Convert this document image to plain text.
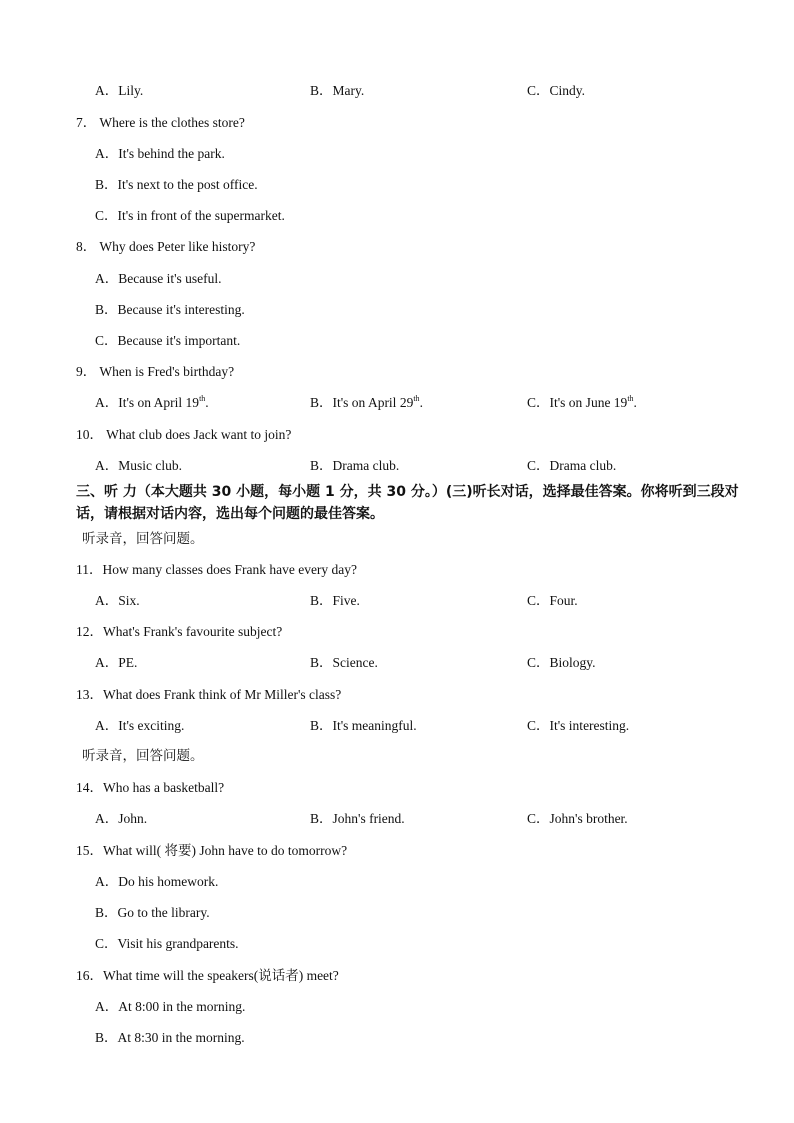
A．Lily.	B．Mary.	C．Cindy.
7． Where is the clothes store?
A．It's behind the park.
B．It's next to the post office.
C．It's in front of the supermarket.
8． Why does Peter like history?
A．Because it's useful.
B．Because it's interesting.
C．Because it's important.
9． When is Fred's birthday?
A．It's on April 19th.	B．It's on April 29th.	C．It's on June 19th.
10． What club does Jack want to join?
A．Music club.	B．Drama club.	C．Drama club.
三、听 力（本大题共 30 小题，每小题 1 分，共 30 分。）(三)听长对话，选择最佳答案。你将听到三段对话，请根据对话内容，选出每个问题的最佳答案。
听录音，回答问题。
11．How many classes does Frank have every day?
A．Six.	B．Five.	C．Four.
12．What's Frank's favourite subject?
A．PE.	B．Science.	C．Biology.
13．What does Frank think of Mr Miller's class?
A．It's exciting.	B．It's meaningful.	C．It's interesting.
听录音，回答问题。
14．Who has a basketball?
A．John.	B．John's friend.	C．John's brother.
15．What will( 将要) John have to do tomorrow?
A．Do his homework.
B．Go to the library.
C．Visit his grandparents.
16．What time will the speakers(说话者) meet?
A．At 8:00 in the morning.
B．At 8:30 in the morning.
